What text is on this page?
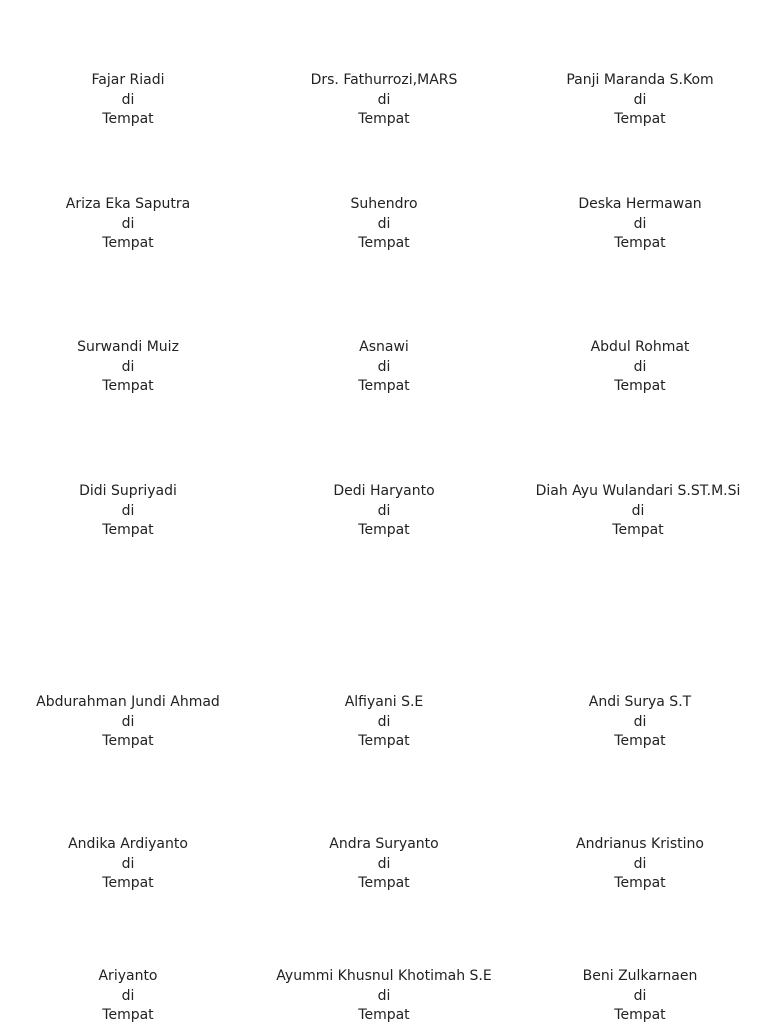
Fajar Riadi
di
Tempat
Drs. Fathurrozi,MARS
di
Tempat
Panji Maranda S.Kom
di
Tempat
Ariza Eka Saputra
di
Tempat
Suhendro
di
Tempat
Deska Hermawan
di
Tempat
Surwandi Muiz
di
Tempat
Asnawi
di
Tempat
Abdul Rohmat
di
Tempat
Didi Supriyadi
di
Tempat
Dedi Haryanto
di
Tempat
Diah Ayu Wulandari S.ST.M.Si
di
Tempat
Abdurahman Jundi Ahmad
di
Tempat
Alfiyani S.E
di
Tempat
Andi Surya S.T
di
Tempat
Andika Ardiyanto
di
Tempat
Andra Suryanto
di
Tempat
Andrianus Kristino
di
Tempat
Ariyanto
di
Tempat
Ayummi Khusnul Khotimah S.E
di
Tempat
Beni Zulkarnaen
di
Tempat
